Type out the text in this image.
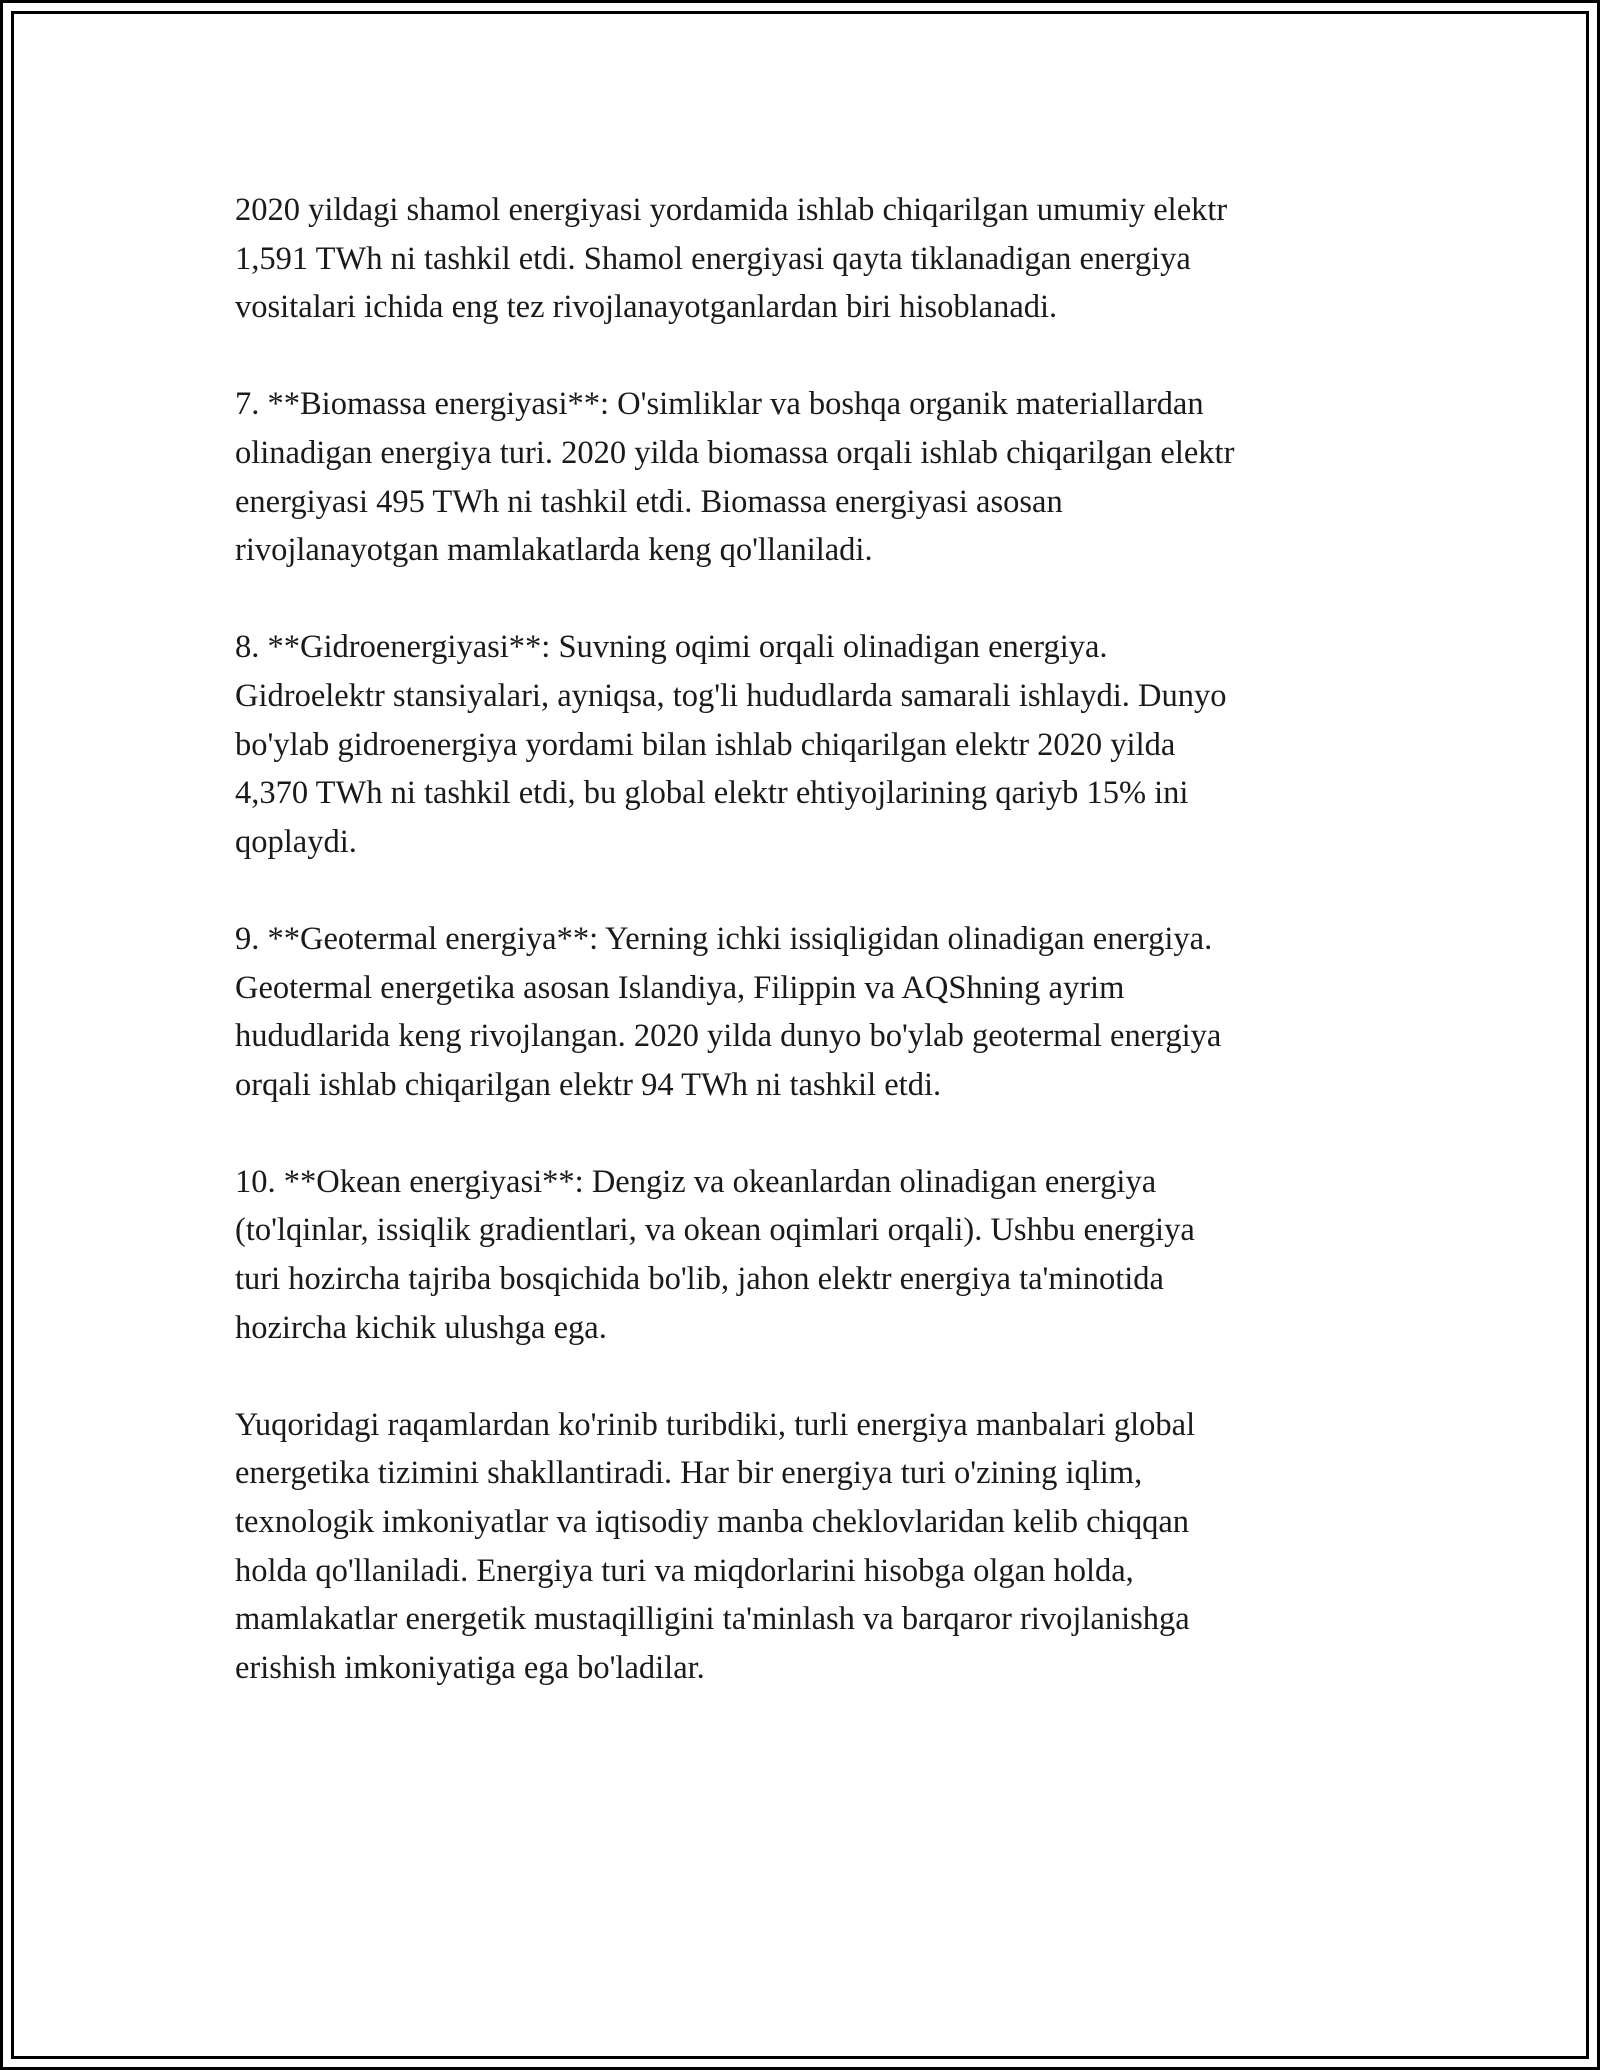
2020 yildagi shamol energiyasi yordamida ishlab chiqarilgan umumiy elektr
1,591 TWh ni tashkil etdi. Shamol energiyasi qayta tiklanadigan energiya
vositalari ichida eng tez rivojlanayotganlardan biri hisoblanadi.

7. **Biomassa energiyasi**: O'simliklar va boshqa organik materiallardan
olinadigan energiya turi. 2020 yilda biomassa orqali ishlab chiqarilgan elektr
energiyasi 495 TWh ni tashkil etdi. Biomassa energiyasi asosan
rivojlanayotgan mamlakatlarda keng qo'llaniladi.

8. **Gidroenergiyasi**: Suvning oqimi orqali olinadigan energiya.
Gidroelektr stansiyalari, ayniqsa, tog'li hududlarda samarali ishlaydi. Dunyo
bo'ylab gidroenergiya yordami bilan ishlab chiqarilgan elektr 2020 yilda
4,370 TWh ni tashkil etdi, bu global elektr ehtiyojlarining qariyb 15% ini
qoplaydi.

9. **Geotermal energiya**: Yerning ichki issiqligidan olinadigan energiya.
Geotermal energetika asosan Islandiya, Filippin va AQShning ayrim
hududlarida keng rivojlangan. 2020 yilda dunyo bo'ylab geotermal energiya
orqali ishlab chiqarilgan elektr 94 TWh ni tashkil etdi.

10. **Okean energiyasi**: Dengiz va okeanlardan olinadigan energiya
(to'lqinlar, issiqlik gradientlari, va okean oqimlari orqali). Ushbu energiya
turi hozircha tajriba bosqichida bo'lib, jahon elektr energiya ta'minotida
hozircha kichik ulushga ega.

Yuqoridagi raqamlardan ko'rinib turibdiki, turli energiya manbalari global
energetika tizimini shakllantiradi. Har bir energiya turi o'zining iqlim,
texnologik imkoniyatlar va iqtisodiy manba cheklovlaridan kelib chiqqan
holda qo'llaniladi. Energiya turi va miqdorlarini hisobga olgan holda,
mamlakatlar energetik mustaqilligini ta'minlash va barqaror rivojlanishga
erishish imkoniyatiga ega bo'ladilar.
